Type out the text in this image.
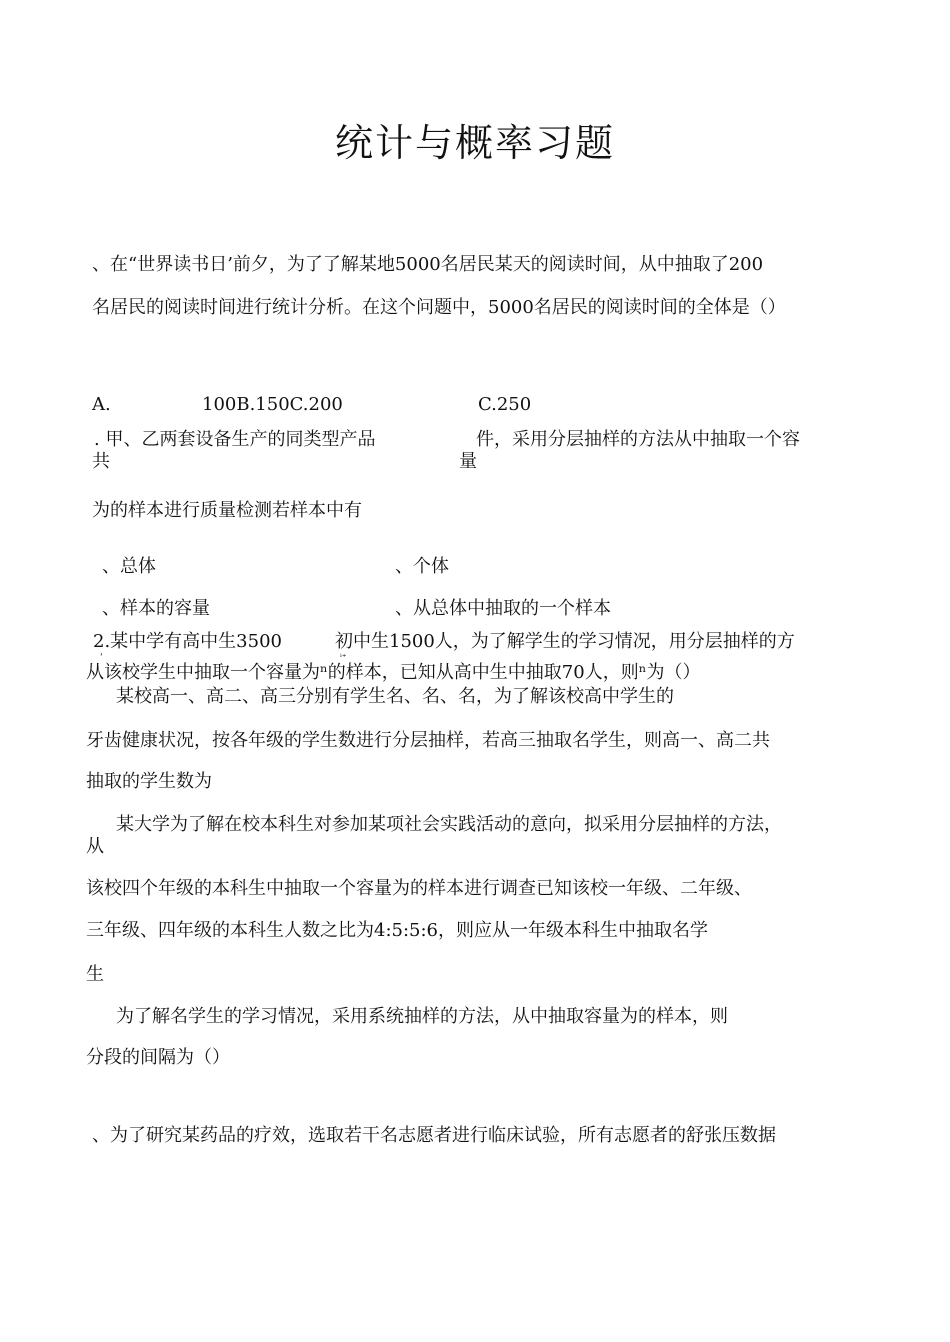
统计与概率习题
、在“世界读书日’前夕，为了了解某地5000名居民某天的阅读时间，从中抽取了200
名居民的阅读时间进行统计分析。在这个问题中，5000名居民的阅读时间的全体是（）
A.	100B.150C.200	C.250
. 甲、乙两套设备生产的同类型产品
共
件，采用分层抽样的方法从中抽取一个容
量
为的样本进行质量检测若样本中有
、总体	、个体
、样本的容量	、从总体中抽取的一个样本
2.某中学有高中生3500	初中生1500人，为了解学生的学习情况，用分层抽样的方
'	ⁱ⁺
从该校学生中抽取一个容量为ⁿ的样本，已知从高中生中抽取70人，则ⁿ为（）
某校高一、高二、高三分别有学生名、名、名，为了解该校高中学生的
牙齿健康状况，按各年级的学生数进行分层抽样，若高三抽取名学生，则高一、高二共
抽取的学生数为
某大学为了解在校本科生对参加某项社会实践活动的意向，拟采用分层抽样的方法，
从
该校四个年级的本科生中抽取一个容量为的样本进行调查已知该校一年级、二年级、
三年级、四年级的本科生人数之比为4:5:5:6，则应从一年级本科生中抽取名学
生
为了解名学生的学习情况，采用系统抽样的方法，从中抽取容量为的样本，则
分段的间隔为（）
、为了研究某药品的疗效，选取若干名志愿者进行临床试验，所有志愿者的舒张压数据
